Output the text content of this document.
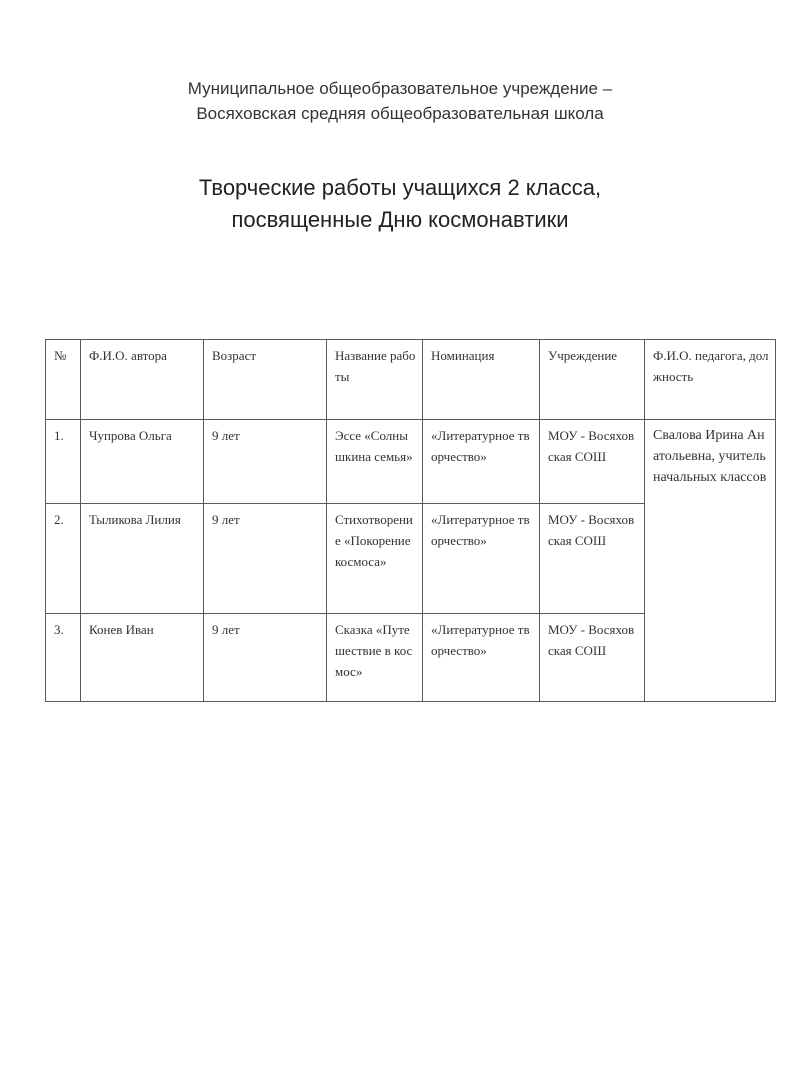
Муниципальное общеобразовательное учреждение –
Восяховская средняя общеобразовательная школа
Творческие работы учащихся 2 класса,
посвященные Дню космонавтики
№	Ф.И.О. автора	Возраст	Название работы	Номинация	Учреждение	Ф.И.О. педагога, должность
1.	Чупрова Ольга	9 лет	Эссе «Солнышкина семья»	«Литературное творчество»	МОУ - Восяховская СОШ	Свалова Ирина Анатольевна, учитель начальных классов
2.	Тыликова Лилия	9 лет	Стихотворение «Покорение космоса»	«Литературное творчество»	МОУ - Восяховская СОШ	
3.	Конев Иван	9 лет	Сказка «Путешествие в космос»	«Литературное творчество»	МОУ - Восяховская СОШ	
